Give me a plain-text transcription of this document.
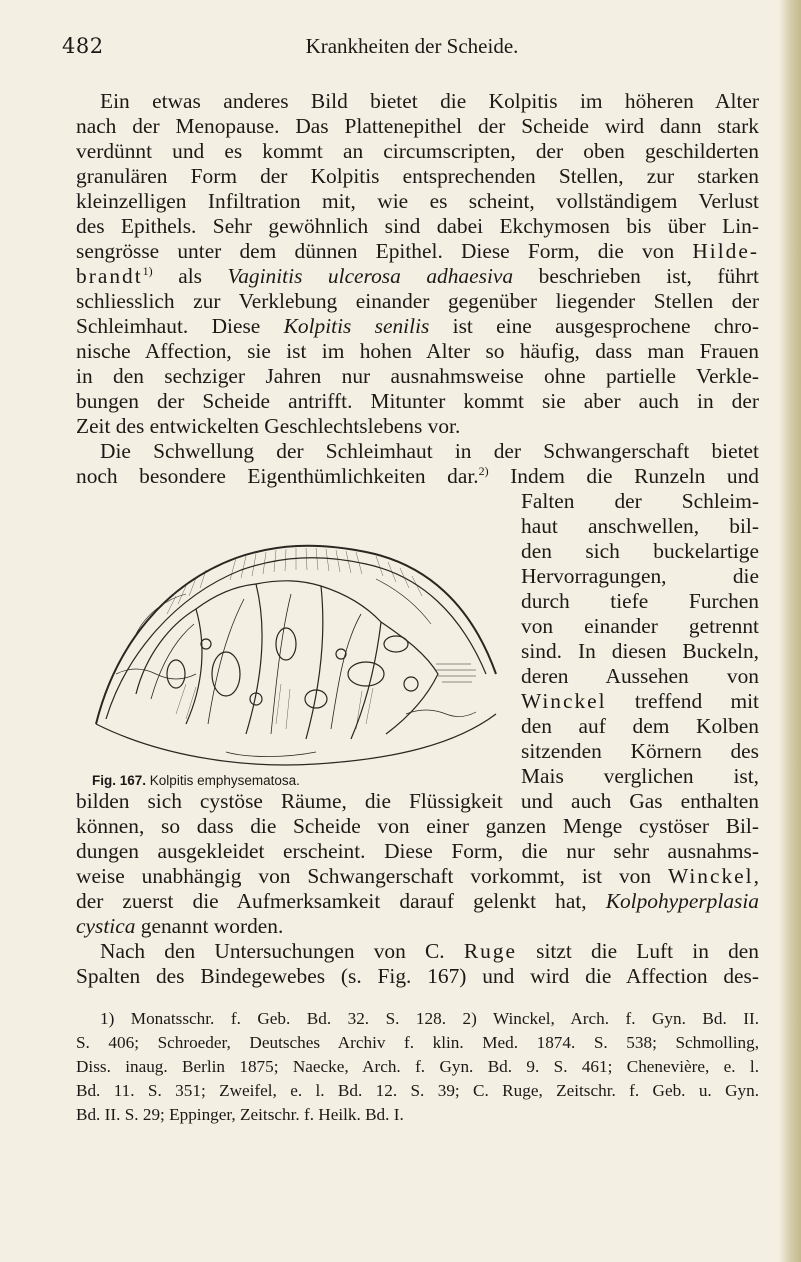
482	Krankheiten der Scheide.
Ein etwas anderes Bild bietet die Kolpitis im höheren Alter
nach der Menopause. Das Plattenepithel der Scheide wird dann stark
verdünnt und es kommt an circumscripten, der oben geschilderten
granulären Form der Kolpitis entsprechenden Stellen, zur starken
kleinzelligen Infiltration mit, wie es scheint, vollständigem Verlust
des Epithels. Sehr gewöhnlich sind dabei Ekchymosen bis über Lin-
sengrösse unter dem dünnen Epithel. Diese Form, die von Hilde-
brandt$^{1)}$ als Vaginitis ulcerosa adhaesiva beschrieben ist, führt
schliesslich zur Verklebung einander gegenüber liegender Stellen der
Schleimhaut. Diese Kolpitis senilis ist eine ausgesprochene chro-
nische Affection, sie ist im hohen Alter so häufig, dass man Frauen
in den sechziger Jahren nur ausnahmsweise ohne partielle Verkle-
bungen der Scheide antrifft. Mitunter kommt sie aber auch in der
Zeit des entwickelten Geschlechtslebens vor.
Die Schwellung der Schleimhaut in der Schwangerschaft bietet
noch besondere Eigenthümlichkeiten dar.$^{2)}$ Indem die Runzeln und
Falten der Schleim-
haut anschwellen, bil-
den sich buckelartige
Hervorragungen, die
durch tiefe Furchen
von einander getrennt
sind. In diesen Buckeln,
deren Aussehen von
Winckel treffend mit
den auf dem Kolben
sitzenden Körnern des
Mais verglichen ist,
Fig. 167. Kolpitis emphysematosa.
bilden sich cystöse Räume, die Flüssigkeit und auch Gas enthalten
können, so dass die Scheide von einer ganzen Menge cystöser Bil-
dungen ausgekleidet erscheint. Diese Form, die nur sehr ausnahms-
weise unabhängig von Schwangerschaft vorkommt, ist von Winckel,
der zuerst die Aufmerksamkeit darauf gelenkt hat, Kolpohyperplasia
cystica genannt worden.
Nach den Untersuchungen von C. Ruge sitzt die Luft in den
Spalten des Bindegewebes (s. Fig. 167) und wird die Affection des-
1) Monatsschr. f. Geb. Bd. 32. S. 128. 2) Winckel, Arch. f. Gyn. Bd. II.
S. 406; Schroeder, Deutsches Archiv f. klin. Med. 1874. S. 538; Schmolling,
Diss. inaug. Berlin 1875; Naecke, Arch. f. Gyn. Bd. 9. S. 461; Chenevière, e. l.
Bd. 11. S. 351; Zweifel, e. l. Bd. 12. S. 39; C. Ruge, Zeitschr. f. Geb. u. Gyn.
Bd. II. S. 29; Eppinger, Zeitschr. f. Heilk. Bd. I.
